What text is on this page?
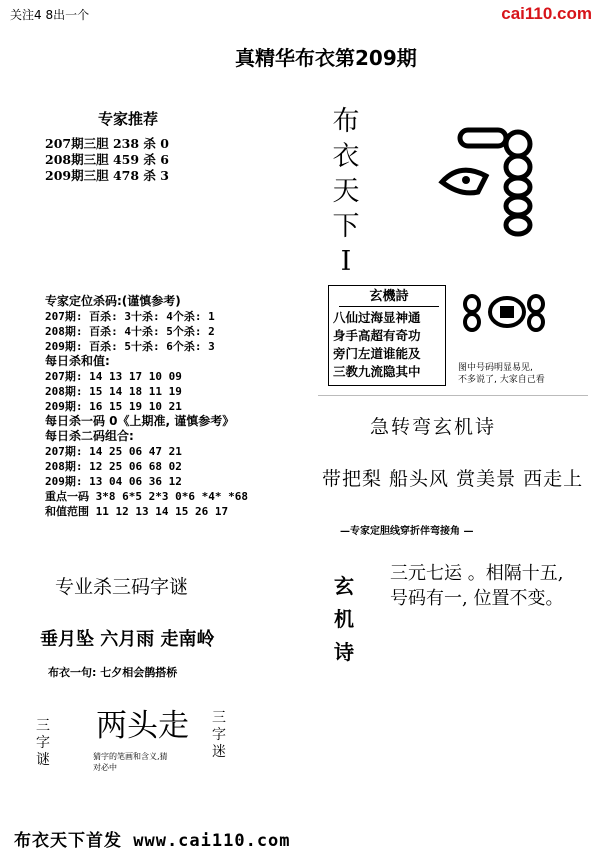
关注4 8出一个	cai110.com
真精华布衣第209期
专家推荐
207期三胆 238 杀 0
208期三胆 459 杀 6
209期三胆 478 杀 3
布
衣
天
下
I
专家定位杀码:(谨慎参考)
207期: 百杀: 3十杀: 4个杀: 1
208期: 百杀: 4十杀: 5个杀: 2
209期: 百杀: 5十杀: 6个杀: 3
每日杀和值:
207期: 14 13 17 10 09
208期: 15 14 18 11 19
209期: 16 15 19 10 21
每日杀一码 0《上期准, 谨慎参考》
每日杀二码组合:
207期: 14 25 06 47 21
208期: 12 25 06 68 02
209期: 13 04 06 36 12
重点一码 3*8 6*5 2*3 0*6 *4* *68
和值范围 11 12 13 14 15 26 17
玄機詩
八仙过海显神通
身手高超有奇功
旁门左道谁能及
三教九流隐其中	图中号码明显易见,
不多说了, 大家自己看
急转弯玄机诗
带把梨 船头风 赏美景 西走上
—专家定胆线穿折伴弯接角 —
玄
机
诗
三元七运 。相隔十五,
号码有一, 位置不变。
专业杀三码字谜
垂月坠 六月雨 走南岭
布衣一句: 七夕相会鹊搭桥
三字谜
两头走
猜字的笔画和含义,猜
对必中
三字迷
布衣天下首发 www.cai110.com
